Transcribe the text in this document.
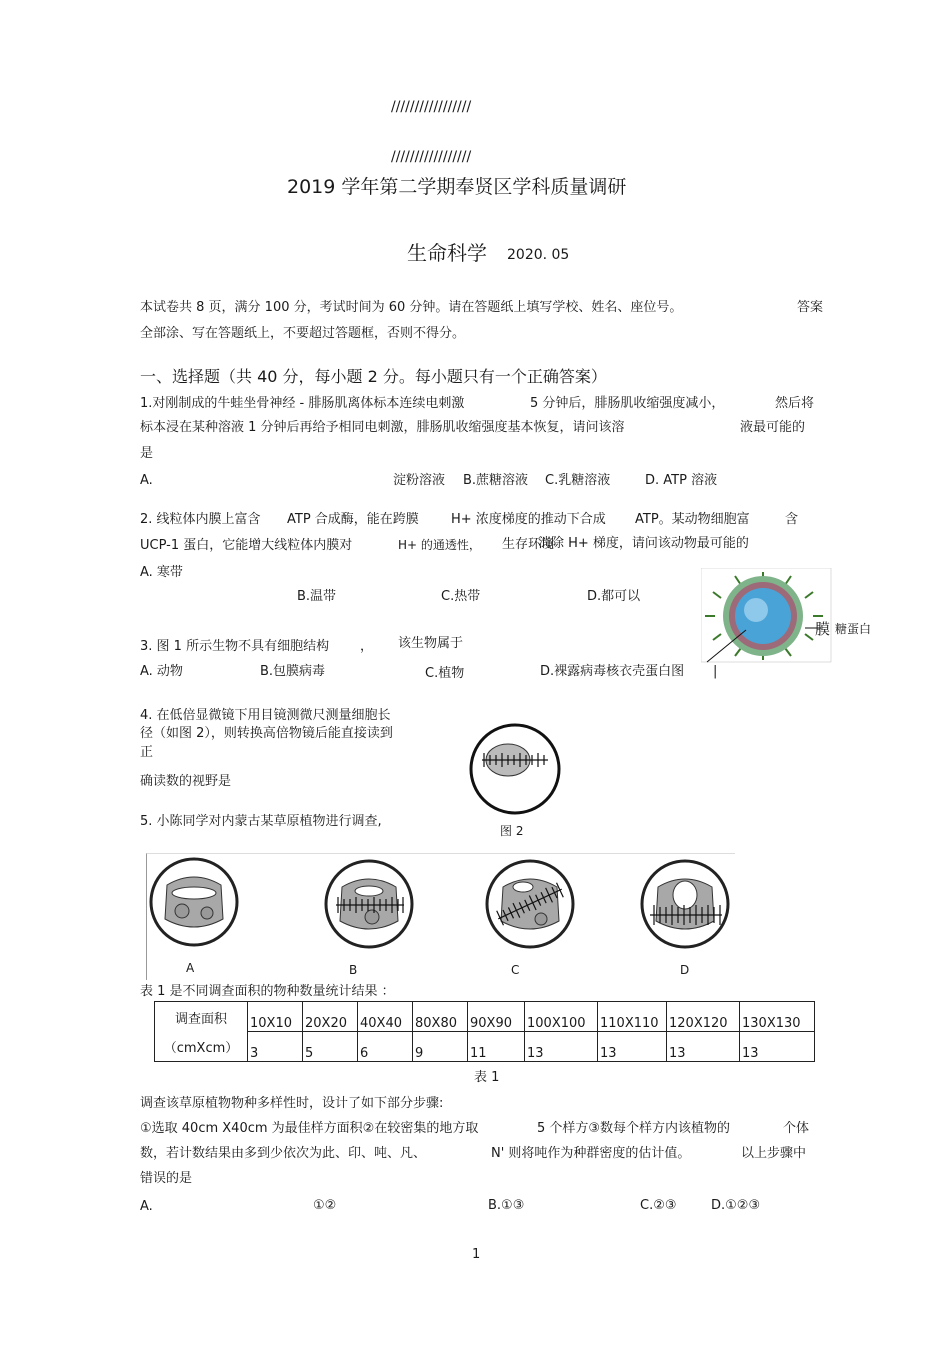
/////////////////
/////////////////
2019 学年第二学期奉贤区学科质量调研
生命科学 2020. 05
本试卷共 8 页，满分 100 分，考试时间为 60 分钟。请在答题纸上填写学校、姓名、座位号。	答案
全部涂、写在答题纸上，不要超过答题框，否则不得分。
一、选择题（共 40 分，每小题 2 分。每小题只有一个正确答案）
1.对刚制成的牛蛙坐骨神经 - 腓肠肌离体标本连续电刺激	5 分钟后，腓肠肌收缩强度减小，	然后将
标本浸在某种溶液 1 分钟后再给予相同电刺激，腓肠肌收缩强度基本恢复，请问该溶	液最可能的
是
A.	淀粉溶液 B.蔗糖溶液 C.乳糖溶液	D. ATP 溶液
2. 线粒体内膜上富含 ATP 合成酶，能在跨膜 H+ 浓度梯度的推动下合成 ATP。某动物细胞富	含
UCP-1 蛋白，它能增大线粒体内膜对	H+ 的通透性， 生存环境
消除 H+ 梯度，请问该动物最可能的
A. 寒带
B.温带	C.热带	D.都可以
膜 糖蛋白
3. 图 1 所示生物不具有细胞结构 ， 该生物属于
A. 动物	B.包膜病毒	C.植物	D.裸露病毒核衣壳蛋白图 |
4. 在低倍显微镜下用目镜测微尺测量细胞长
径（如图 2），则转换高倍物镜后能直接读到
正
确读数的视野是
图 2
5. 小陈同学对内蒙古某草原植物进行调查,
A	B	C	D
表 1 是不同调查面积的物种数量统计结果 ：
调查面积
（cmXcm）	10X10	20X20	40X40	80X80	90X90	100X100	110X110	120X120	130X130
	3	5	6	9	11	13	13	13	13
表 1
调查该草原植物物种多样性时，设计了如下部分步骤:
①选取 40cm X40cm 为最佳样方面积②在较密集的地方取	5 个样方③数每个样方内该植物的	个体
数，若计数结果由多到少依次为此、印、吨、凡、	N' 则将吨作为种群密度的估计值。	以上步骤中
错误的是
A.	①②	B.①③	C.②③	D.①②③
1
